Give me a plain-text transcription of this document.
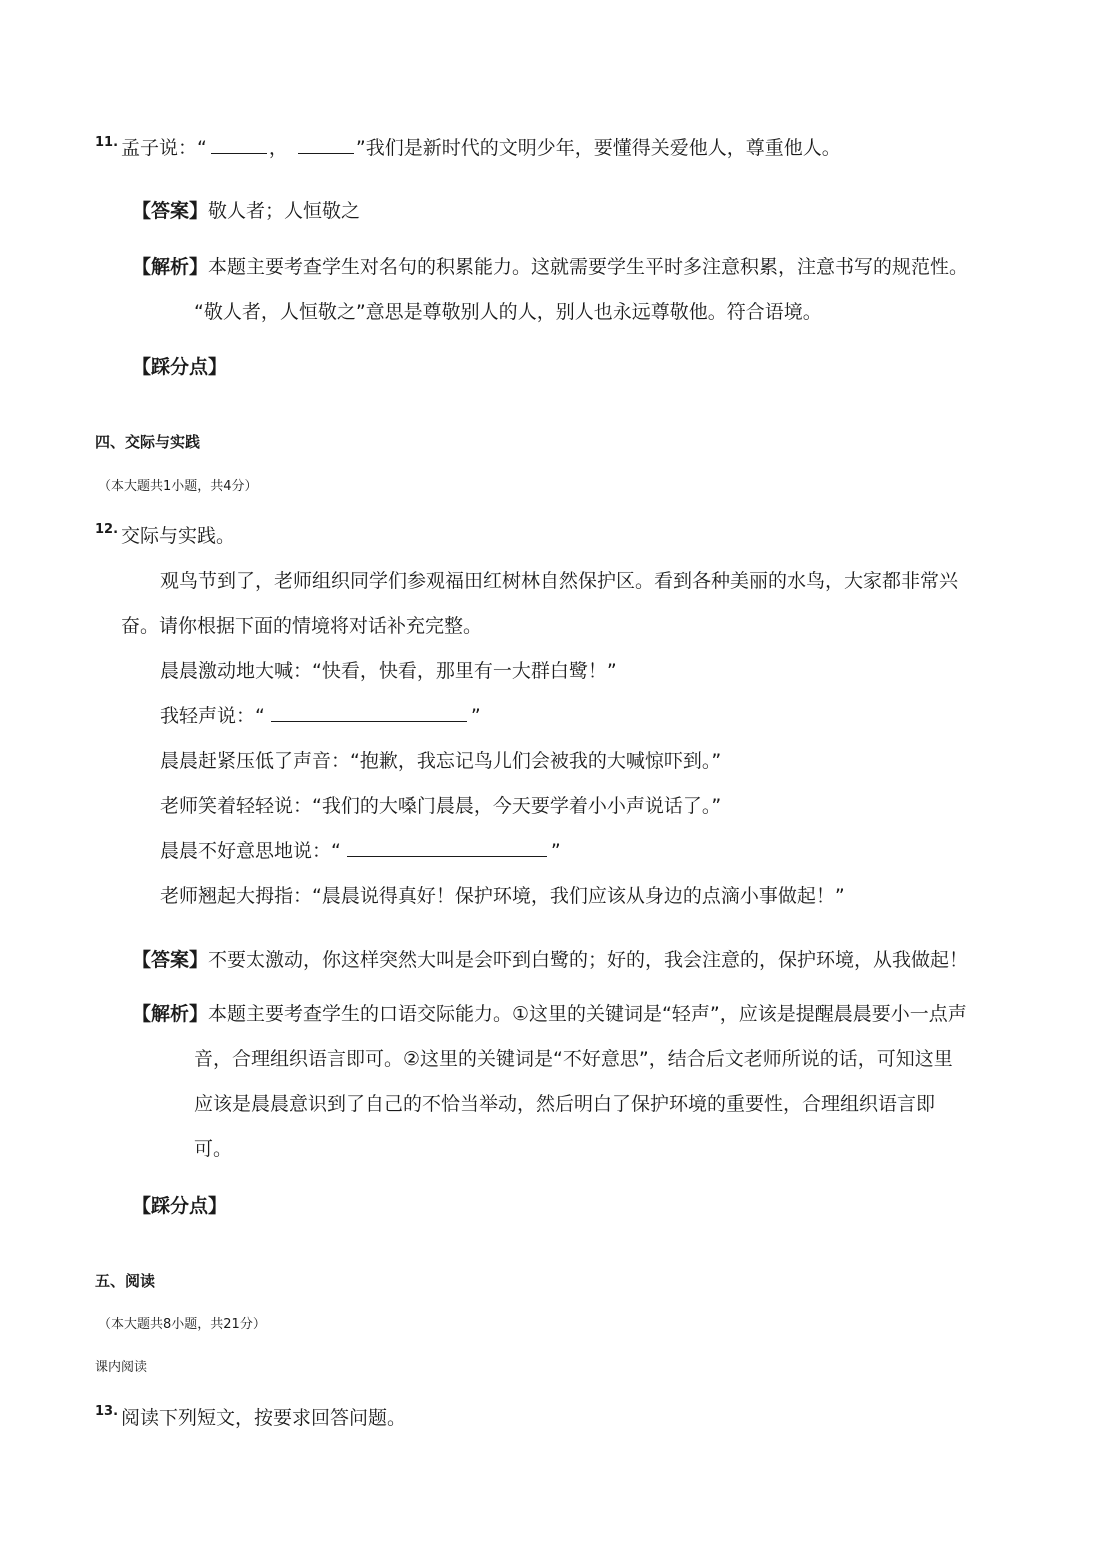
11. 孟子说：“	，	”我们是新时代的文明少年，要懂得关爱他人，尊重他人。
【答案】敬人者；人恒敬之
【解析】本题主要考查学生对名句的积累能力。这就需要学生平时多注意积累，注意书写的规范性。
“敬人者，人恒敬之”意思是尊敬别人的人，别人也永远尊敬他。符合语境。
【踩分点】
四、交际与实践
（本大题共1小题，共4分）
12. 交际与实践。
观鸟节到了，老师组织同学们参观福田红树林自然保护区。看到各种美丽的水鸟，大家都非常兴
奋。请你根据下面的情境将对话补充完整。
晨晨激动地大喊：“快看，快看，那里有一大群白鹭！”
我轻声说：“	”
晨晨赶紧压低了声音：“抱歉，我忘记鸟儿们会被我的大喊惊吓到。”
老师笑着轻轻说：“我们的大嗓门晨晨，今天要学着小小声说话了。”
晨晨不好意思地说：“	”
老师翘起大拇指：“晨晨说得真好！保护环境，我们应该从身边的点滴小事做起！”
【答案】不要太激动，你这样突然大叫是会吓到白鹭的；好的，我会注意的，保护环境，从我做起！
【解析】本题主要考查学生的口语交际能力。①这里的关键词是“轻声”，应该是提醒晨晨要小一点声
音，合理组织语言即可。②这里的关键词是“不好意思”，结合后文老师所说的话，可知这里
应该是晨晨意识到了自己的不恰当举动，然后明白了保护环境的重要性，合理组织语言即
可。
【踩分点】
五、阅读
（本大题共8小题，共21分）
课内阅读
13. 阅读下列短文，按要求回答问题。
